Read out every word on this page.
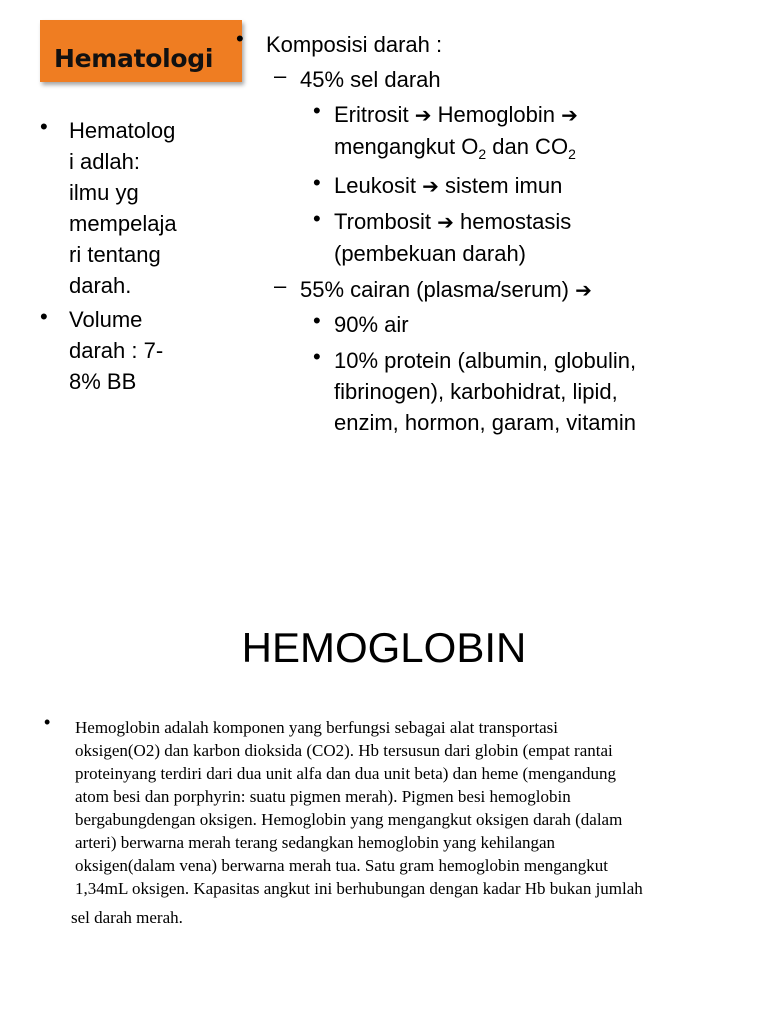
Hematologi
• Hematolog
i adlah:
ilmu yg
mempelaja
ri tentang
darah.
• Volume
darah : 7-
8% BB
• Komposisi darah :
– 45% sel darah
• Eritrosit ➔ Hemoglobin ➔
mengangkut $O_2$ dan $CO_2$
• Leukosit ➔ sistem imun
• Trombosit ➔ hemostasis
(pembekuan darah)
– 55% cairan (plasma/serum) ➔
• 90% air
• 10% protein (albumin, globulin,
fibrinogen), karbohidrat, lipid,
enzim, hormon, garam, vitamin
HEMOGLOBIN
• Hemoglobin adalah komponen yang berfungsi sebagai alat transportasi
oksigen(O2) dan karbon dioksida (CO2). Hb tersusun dari globin (empat rantai
proteinyang terdiri dari dua unit alfa dan dua unit beta) dan heme (mengandung
atom besi dan porphyrin: suatu pigmen merah). Pigmen besi hemoglobin
bergabungdengan oksigen. Hemoglobin yang mengangkut oksigen darah (dalam
arteri) berwarna merah terang sedangkan hemoglobin yang kehilangan
oksigen(dalam vena) berwarna merah tua. Satu gram hemoglobin mengangkut
1,34mL oksigen. Kapasitas angkut ini berhubungan dengan kadar Hb bukan jumlah
sel darah merah.
